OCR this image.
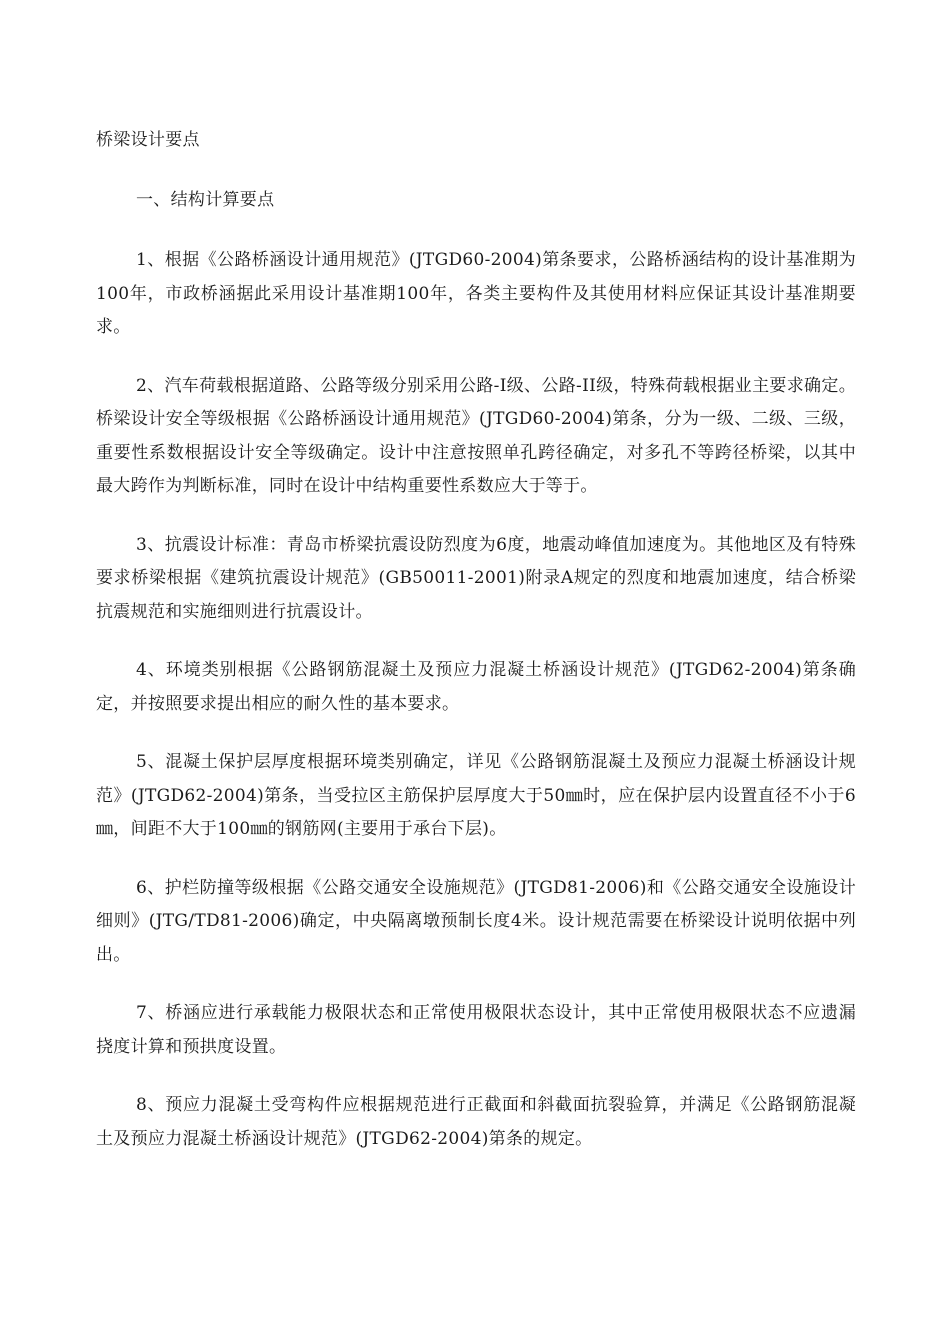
桥梁设计要点
一、结构计算要点

1、根据《公路桥涵设计通用规范》(JTGD60-2004)第条要求，公路桥涵结构的设计基准期为100年，市政桥涵据此采用设计基准期100年，各类主要构件及其使用材料应保证其设计基准期要求。

2、汽车荷载根据道路、公路等级分别采用公路-I级、公路-II级，特殊荷载根据业主要求确定。桥梁设计安全等级根据《公路桥涵设计通用规范》(JTGD60-2004)第条，分为一级、二级、三级，重要性系数根据设计安全等级确定。设计中注意按照单孔跨径确定，对多孔不等跨径桥梁，以其中最大跨作为判断标准，同时在设计中结构重要性系数应大于等于。

3、抗震设计标准：青岛市桥梁抗震设防烈度为6度，地震动峰值加速度为。其他地区及有特殊要求桥梁根据《建筑抗震设计规范》(GB50011-2001)附录A规定的烈度和地震加速度，结合桥梁抗震规范和实施细则进行抗震设计。

4、环境类别根据《公路钢筋混凝土及预应力混凝土桥涵设计规范》(JTGD62-2004)第条确定，并按照要求提出相应的耐久性的基本要求。

5、混凝土保护层厚度根据环境类别确定，详见《公路钢筋混凝土及预应力混凝土桥涵设计规范》(JTGD62-2004)第条，当受拉区主筋保护层厚度大于50㎜时，应在保护层内设置直径不小于6㎜，间距不大于100㎜的钢筋网(主要用于承台下层)。

6、护栏防撞等级根据《公路交通安全设施规范》(JTGD81-2006)和《公路交通安全设施设计细则》(JTG/TD81-2006)确定，中央隔离墩预制长度4米。设计规范需要在桥梁设计说明依据中列出。

7、桥涵应进行承载能力极限状态和正常使用极限状态设计，其中正常使用极限状态不应遗漏挠度计算和预拱度设置。

8、预应力混凝土受弯构件应根据规范进行正截面和斜截面抗裂验算，并满足《公路钢筋混凝土及预应力混凝土桥涵设计规范》(JTGD62-2004)第条的规定。
